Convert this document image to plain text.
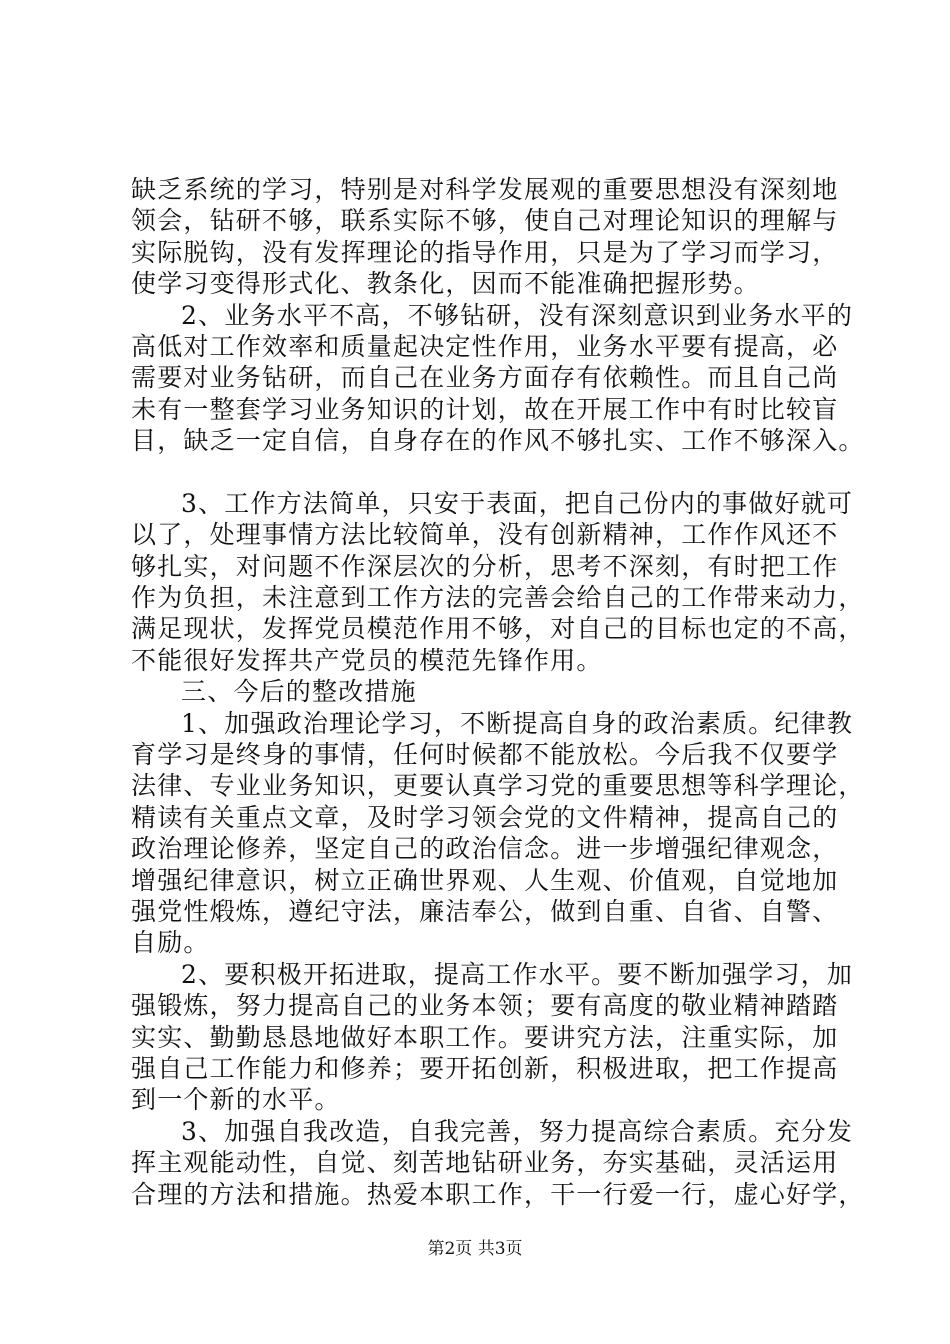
缺乏系统的学习，特别是对科学发展观的重要思想没有深刻地
领会，钻研不够，联系实际不够，使自己对理论知识的理解与
实际脱钩，没有发挥理论的指导作用，只是为了学习而学习，
使学习变得形式化、教条化，因而不能准确把握形势。
2、业务水平不高，不够钻研，没有深刻意识到业务水平的
高低对工作效率和质量起决定性作用，业务水平要有提高，必
需要对业务钻研，而自己在业务方面存有依赖性。而且自己尚
未有一整套学习业务知识的计划，故在开展工作中有时比较盲
目，缺乏一定自信，自身存在的作风不够扎实、工作不够深入。
3、工作方法简单，只安于表面，把自己份内的事做好就可
以了，处理事情方法比较简单，没有创新精神，工作作风还不
够扎实，对问题不作深层次的分析，思考不深刻，有时把工作
作为负担，未注意到工作方法的完善会给自己的工作带来动力，
满足现状，发挥党员模范作用不够，对自己的目标也定的不高，
不能很好发挥共产党员的模范先锋作用。
三、今后的整改措施
1、加强政治理论学习，不断提高自身的政治素质。纪律教
育学习是终身的事情，任何时候都不能放松。今后我不仅要学
法律、专业业务知识，更要认真学习党的重要思想等科学理论，
精读有关重点文章，及时学习领会党的文件精神，提高自己的
政治理论修养，坚定自己的政治信念。进一步增强纪律观念，
增强纪律意识，树立正确世界观、人生观、价值观，自觉地加
强党性煅炼，遵纪守法，廉洁奉公，做到自重、自省、自警、
自励。
2、要积极开拓进取，提高工作水平。要不断加强学习，加
强锻炼，努力提高自己的业务本领；要有高度的敬业精神踏踏
实实、勤勤恳恳地做好本职工作。要讲究方法，注重实际，加
强自己工作能力和修养；要开拓创新，积极进取，把工作提高
到一个新的水平。
3、加强自我改造，自我完善，努力提高综合素质。充分发
挥主观能动性，自觉、刻苦地钻研业务，夯实基础，灵活运用
合理的方法和措施。热爱本职工作，干一行爱一行，虚心好学，
第2页 共3页
